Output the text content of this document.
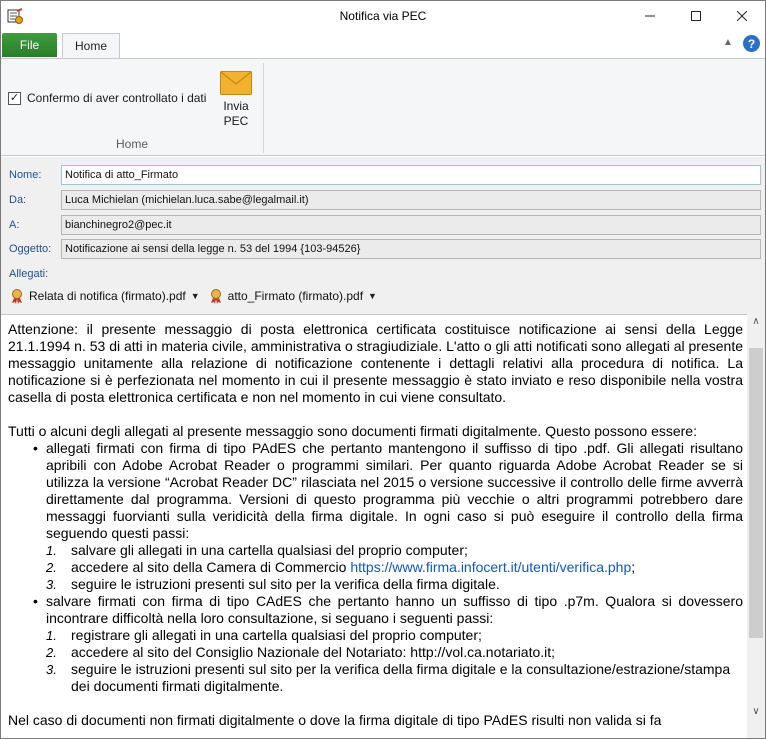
Notifica via PEC
File	Home	▲	?
✓ Confermo di aver controllato i dati
Invia
PEC
Home
Nome:	Notifica di atto_Firmato
Da:	Luca Michielan (michielan.luca.sabe@legalmail.it)
A:	bianchinegro2@pec.it
Oggetto:	Notificazione ai sensi della legge n. 53 del 1994 {103-94526}
Allegati:
Relata di notifica (firmato).pdf ▼ atto_Firmato (firmato).pdf ▼

Attenzione: il presente messaggio di posta elettronica certificata costituisce notificazione ai sensi della Legge 21.1.1994 n. 53 di atti in materia civile, amministrativa o stragiudiziale. L'atto o gli atti notificati sono allegati al presente messaggio unitamente alla relazione di notificazione contenente i dettagli relativi alla procedura di notifica. La notificazione si è perfezionata nel momento in cui il presente messaggio è stato inviato e reso disponibile nella vostra casella di posta elettronica certificata e non nel momento in cui viene consultato.

Tutti o alcuni degli allegati al presente messaggio sono documenti firmati digitalmente. Questo possono essere:

• allegati firmati con firma di tipo PAdES che pertanto mantengono il suffisso di tipo .pdf. Gli allegati risultano apribili con Adobe Acrobat Reader o programmi similari. Per quanto riguarda Adobe Acrobat Reader se si utilizza la versione “Acrobat Reader DC” rilasciata nel 2015 o versione successive il controllo delle firme avverrà direttamente dal programma. Versioni di questo programma più vecchie o altri programmi potrebbero dare messaggi fuorvianti sulla veridicità della firma digitale. In ogni caso si può eseguire il controllo della firma seguendo questi passi:
1. salvare gli allegati in una cartella qualsiasi del proprio computer;
2. accedere al sito della Camera di Commercio https://www.firma.infocert.it/utenti/verifica.php;
3. seguire le istruzioni presenti sul sito per la verifica della firma digitale.
• salvare firmati con firma di tipo CAdES che pertanto hanno un suffisso di tipo .p7m. Qualora si dovessero incontrare difficoltà nella loro consultazione, si seguano i seguenti passi:
1. registrare gli allegati in una cartella qualsiasi del proprio computer;
2. accedere al sito del Consiglio Nazionale del Notariato: http://vol.ca.notariato.it;
3. seguire le istruzioni presenti sul sito per la verifica della firma digitale e la consultazione/estrazione/stampa dei documenti firmati digitalmente.

Nel caso di documenti non firmati digitalmente o dove la firma digitale di tipo PAdES risulti non valida si fa

∧
∨
